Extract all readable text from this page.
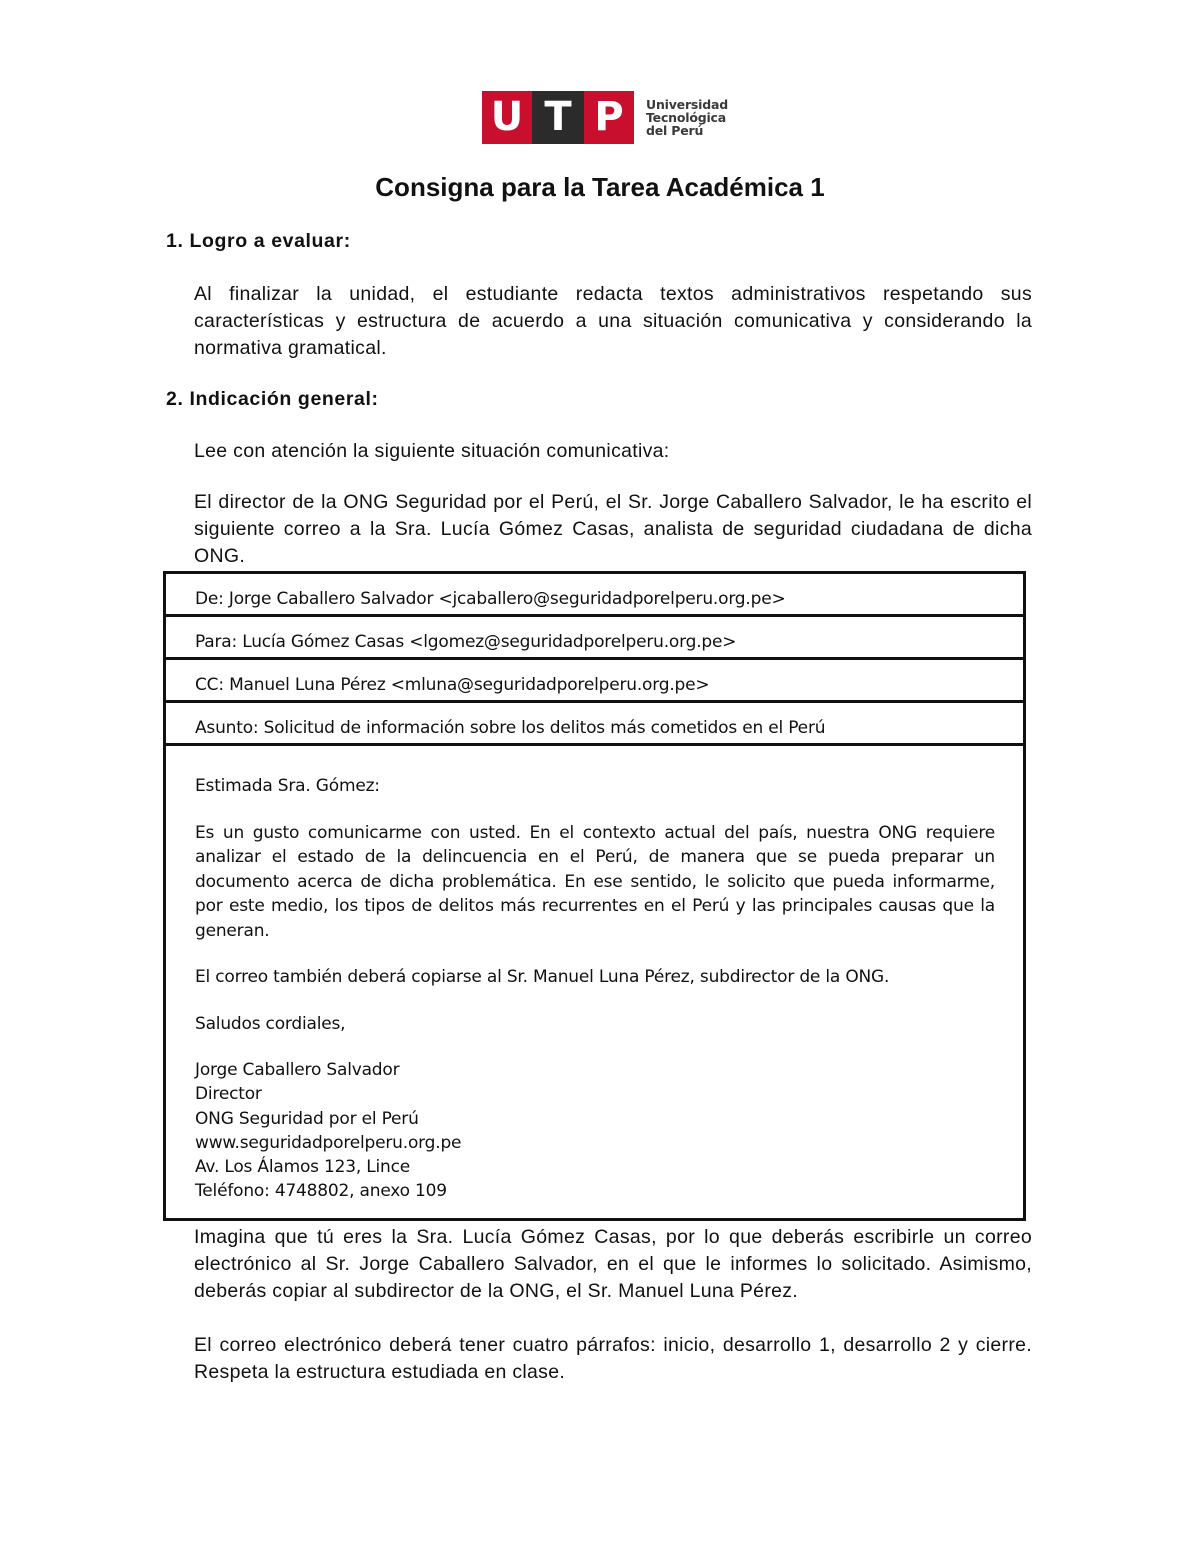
U T P	Universidad
Tecnológica
del Perú
Consigna para la Tarea Académica 1
1. Logro a evaluar:
Al finalizar la unidad, el estudiante redacta textos administrativos respetando sus características y estructura de acuerdo a una situación comunicativa y considerando la normativa gramatical.
2. Indicación general:
Lee con atención la siguiente situación comunicativa:
El director de la ONG Seguridad por el Perú, el Sr. Jorge Caballero Salvador, le ha escrito el siguiente correo a la Sra. Lucía Gómez Casas, analista de seguridad ciudadana de dicha ONG.
De: Jorge Caballero Salvador <jcaballero@seguridadporelperu.org.pe>
Para: Lucía Gómez Casas <lgomez@seguridadporelperu.org.pe>
CC: Manuel Luna Pérez <mluna@seguridadporelperu.org.pe>
Asunto: Solicitud de información sobre los delitos más cometidos en el Perú

Estimada Sra. Gómez:

Es un gusto comunicarme con usted. En el contexto actual del país, nuestra ONG requiere analizar el estado de la delincuencia en el Perú, de manera que se pueda preparar un documento acerca de dicha problemática. En ese sentido, le solicito que pueda informarme, por este medio, los tipos de delitos más recurrentes en el Perú y las principales causas que la generan.

El correo también deberá copiarse al Sr. Manuel Luna Pérez, subdirector de la ONG.

Saludos cordiales,

Jorge Caballero Salvador
Director
ONG Seguridad por el Perú
www.seguridadporelperu.org.pe
Av. Los Álamos 123, Lince
Teléfono: 4748802, anexo 109
Imagina que tú eres la Sra. Lucía Gómez Casas, por lo que deberás escribirle un correo electrónico al Sr. Jorge Caballero Salvador, en el que le informes lo solicitado. Asimismo, deberás copiar al subdirector de la ONG, el Sr. Manuel Luna Pérez.
El correo electrónico deberá tener cuatro párrafos: inicio, desarrollo 1, desarrollo 2 y cierre. Respeta la estructura estudiada en clase.
